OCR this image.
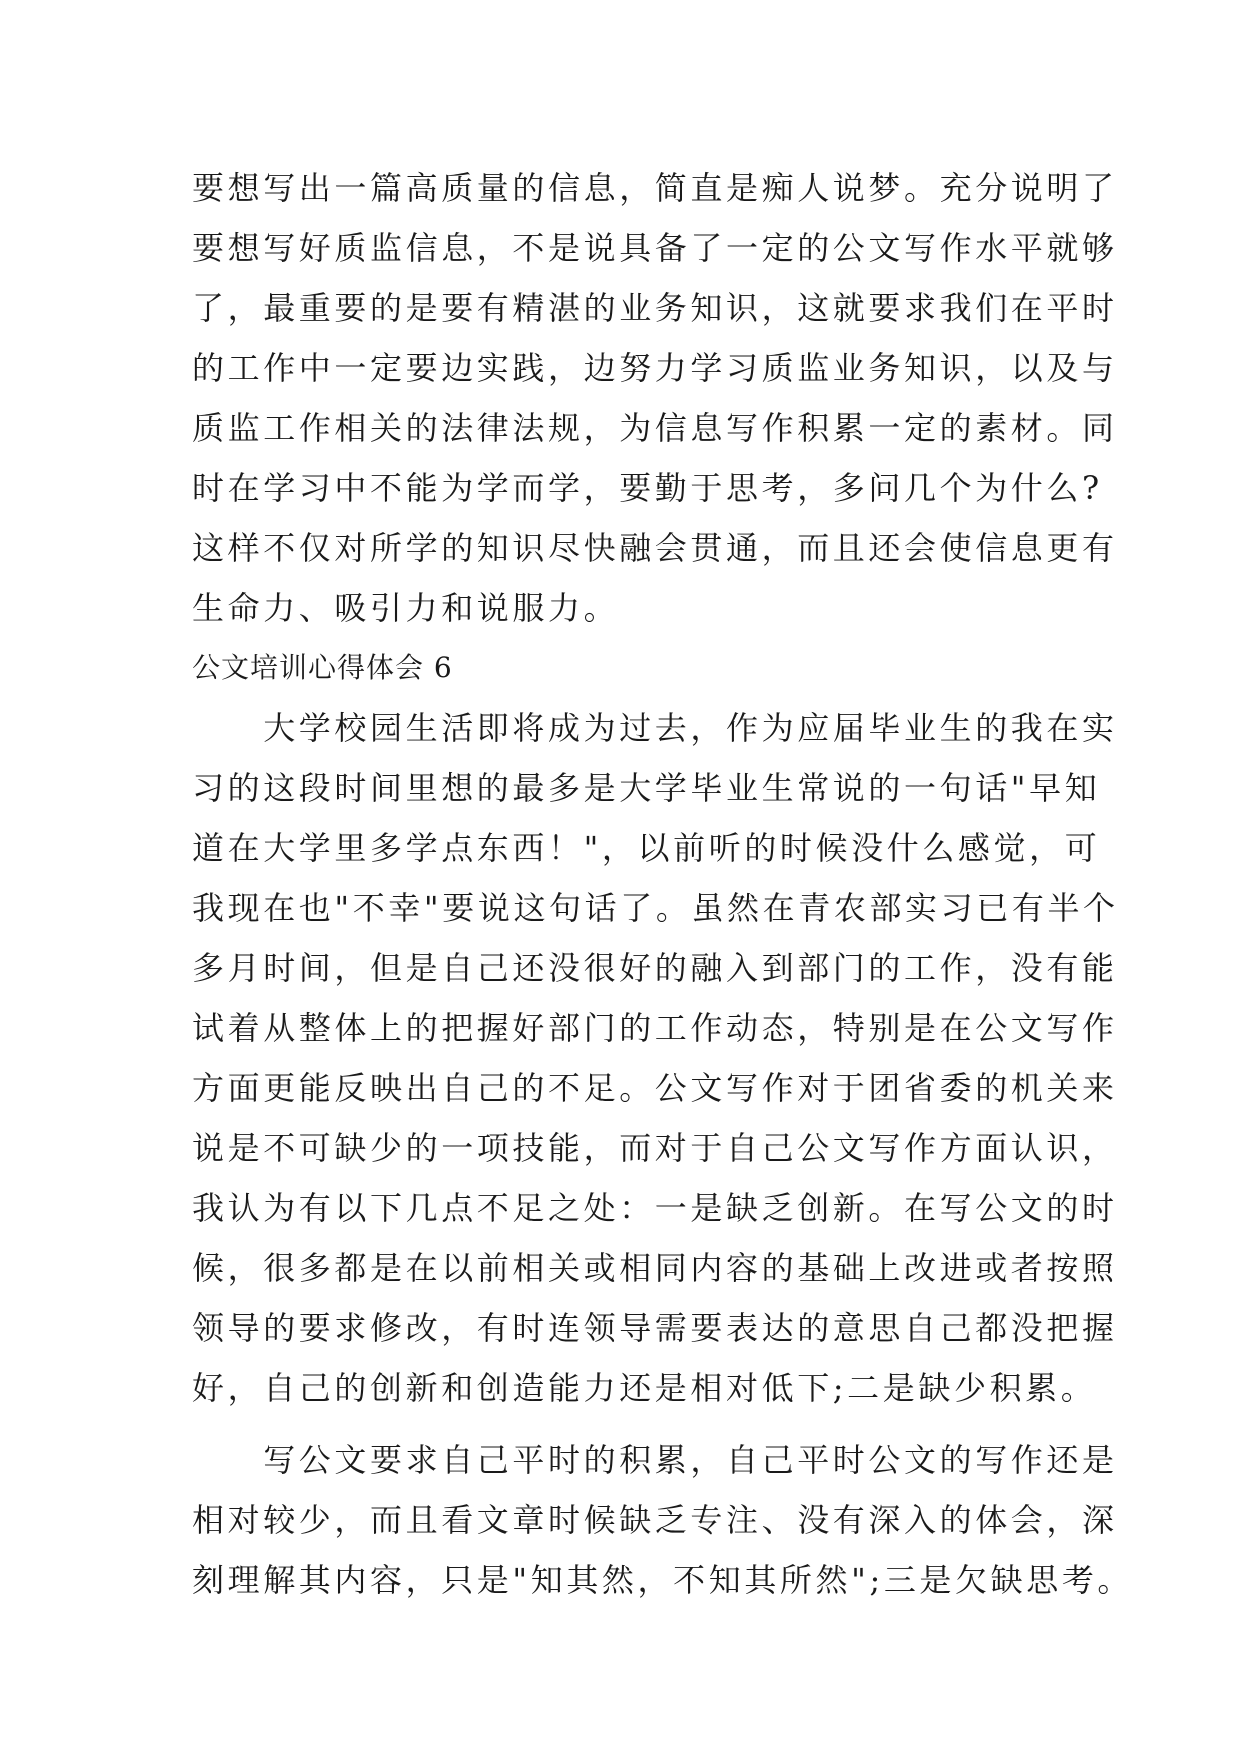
要想写出一篇高质量的信息，简直是痴人说梦。充分说明了
要想写好质监信息，不是说具备了一定的公文写作水平就够
了，最重要的是要有精湛的业务知识，这就要求我们在平时
的工作中一定要边实践，边努力学习质监业务知识，以及与
质监工作相关的法律法规，为信息写作积累一定的素材。同
时在学习中不能为学而学，要勤于思考，多问几个为什么?
这样不仅对所学的知识尽快融会贯通，而且还会使信息更有
生命力、吸引力和说服力。
公文培训心得体会 6
　　大学校园生活即将成为过去，作为应届毕业生的我在实
习的这段时间里想的最多是大学毕业生常说的一句话"早知
道在大学里多学点东西！"，以前听的时候没什么感觉，可
我现在也"不幸"要说这句话了。虽然在青农部实习已有半个
多月时间，但是自己还没很好的融入到部门的工作，没有能
试着从整体上的把握好部门的工作动态，特别是在公文写作
方面更能反映出自己的不足。公文写作对于团省委的机关来
说是不可缺少的一项技能，而对于自己公文写作方面认识，
我认为有以下几点不足之处：一是缺乏创新。在写公文的时
候，很多都是在以前相关或相同内容的基础上改进或者按照
领导的要求修改，有时连领导需要表达的意思自己都没把握
好，自己的创新和创造能力还是相对低下;二是缺少积累。
　　写公文要求自己平时的积累，自己平时公文的写作还是
相对较少，而且看文章时候缺乏专注、没有深入的体会，深
刻理解其内容，只是"知其然，不知其所然";三是欠缺思考。
